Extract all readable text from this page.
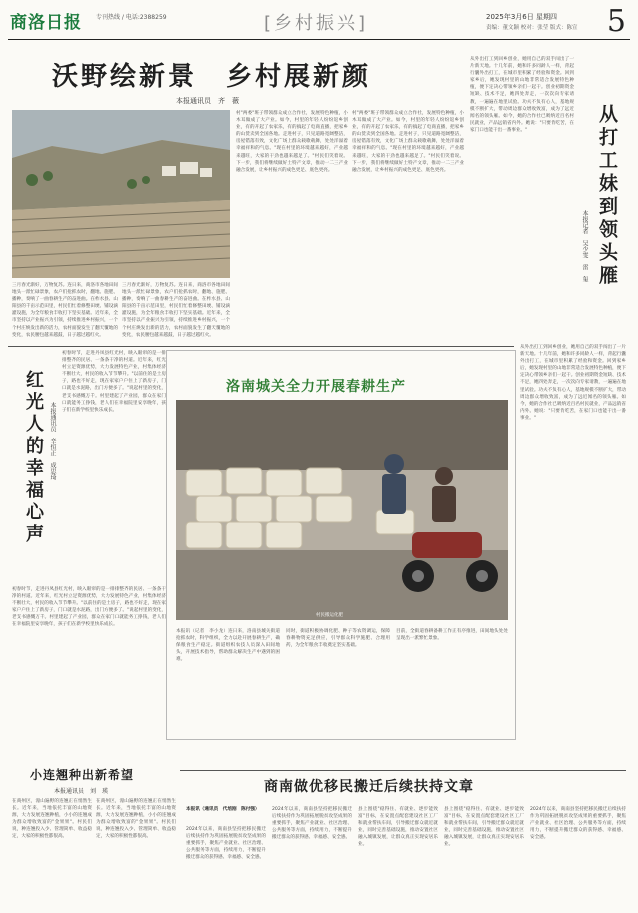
商洛日报 专刊热线 / 电话:2388259	[乡村振兴]	2025年3月6日 星期四
责编：董文颖 校对：张莹 版式：陈宣 5
沃野绘新景　乡村展新颜
本报通讯员　齐　薇
三月春光渐好，万物复苏。连日来，商洛市各地田间地头一派忙碌景象，农户们抢抓农时，翻地、施肥、播种，奏响了一曲春耕生产的奋进曲。在柞水县、山阳县的千亩示范田里，村民们忙着修整田埂、铺设滴灌设施，为全年粮食丰收打下坚实基础。近年来，全市坚持以产业振兴为引领，持续推进乡村振兴，一个个村庄焕发出新的活力，农村面貌发生了翻天覆地的变化，农民腰包越来越鼓，日子越过越红火。
三月春光渐好，万物复苏。连日来，商洛市各地田间地头一派忙碌景象，农户们抢抓农时，翻地、施肥、播种，奏响了一曲春耕生产的奋进曲。在柞水县、山阳县的千亩示范田里，村民们忙着修整田埂、铺设滴灌设施，为全年粮食丰收打下坚实基础。近年来，全市坚持以产业振兴为引领，持续推进乡村振兴，一个个村庄焕发出新的活力，农村面貌发生了翻天覆地的变化，农民腰包越来越鼓，日子越过越红火。
村"两委"班子带领群众成立合作社，发展特色种植，小木耳做成了大产业。如今，村里的年轻人纷纷返乡创业，有的开起了农家乐，有的搞起了电商直播，把家乡的山货卖到全国各地。走进村子，只见道路宽阔整洁，房屋错落有致，文化广场上群众载歌载舞，处处洋溢着幸福祥和的气息。"现在村里的环境越来越好，产业越来越旺，大家的干劲也越来越足了。"村民们笑着说。下一步，我们将继续做好土特产文章，推动一二三产业融合发展，让乡村振兴的成色更足、底色更亮。
村"两委"班子带领群众成立合作社，发展特色种植，小木耳做成了大产业。如今，村里的年轻人纷纷返乡创业，有的开起了农家乐，有的搞起了电商直播，把家乡的山货卖到全国各地。走进村子，只见道路宽阔整洁，房屋错落有致，文化广场上群众载歌载舞，处处洋溢着幸福祥和的气息。"现在村里的环境越来越好，产业越来越旺，大家的干劲也越来越足了。"村民们笑着说。下一步，我们将继续做好土特产文章，推动一二三产业融合发展，让乡村振兴的成色更足、底色更亮。	从打工妹到领头雁
本报记者　吴少雯　雷　玺
从外出打工到回乡创业，她用自己的双手闯出了一片新天地。十几年前，她和许多同龄人一样，背起行囊外出打工，在城市里积累了经验和资金。回到家乡后，她发现村里的山地非常适合发展特色种植，便下定决心带领乡亲们一起干。创业初期资金短缺、技术不足，她四处奔走，一次次向专家请教，一遍遍在地里试验。功夫不负有心人，基地规模不断扩大，带动周边群众增收致富，成为了远近闻名的领头雁。如今，她的合作社已吸纳近百名村民就业，产品远销省内外。她说："只要肯吃苦，在家门口也能干出一番事业。"
从外出打工到回乡创业，她用自己的双手闯出了一片新天地。十几年前，她和许多同龄人一样，背起行囊外出打工，在城市里积累了经验和资金。回到家乡后，她发现村里的山地非常适合发展特色种植，便下定决心带领乡亲们一起干。创业初期资金短缺、技术不足，她四处奔走，一次次向专家请教，一遍遍在地里试验。功夫不负有心人，基地规模不断扩大，带动周边群众增收致富，成为了远近闻名的领头雁。如今，她的合作社已吸纳近百名村民就业，产品远销省内外。她说："只要肯吃苦，在家门口也能干出一番事业。"
红光人的幸福心声 本报通讯员　辛恒正　成思琦
初春时节，走进丹凤县红光村，映入眼帘的是一排排整齐的民居、一条条干净的村道。近年来，红光村立足资源优势，大力发展特色产业，村集体经济不断壮大，村民的收入节节攀升。"以前住的是土房子，路也不好走，现在家家户户住上了新房子，门口就是水泥路，出门方便多了。"说起村里的变化，老支书感慨万千。村里建起了产业园，群众在家门口就能务工挣钱，老人们在幸福院里安享晚年，孩子们在新学校里快乐成长。
初春时节，走进丹凤县红光村，映入眼帘的是一排排整齐的民居、一条条干净的村道。近年来，红光村立足资源优势，大力发展特色产业，村集体经济不断壮大，村民的收入节节攀升。"以前住的是土房子，路也不好走，现在家家户户住上了新房子，门口就是水泥路，出门方便多了。"说起村里的变化，老支书感慨万千。村里建起了产业园，群众在家门口就能务工挣钱，老人们在幸福院里安享晚年，孩子们在新学校里快乐成长。
洛南城关全力开展春耕生产
村民搬运化肥
本报讯（记者　李小龙）连日来，洛南县城关街道抢抓农时，科学组织，全力以赴开展春耕生产，确保粮食生产稳定。街道组织农技人员深入田间地头，开展技术指导，帮助群众解决生产中遇到的困难。
同时，街道积极协调化肥、种子等农资调运，保障春耕物资充足供应，引导群众科学施肥、合理用药，为全年粮食丰收奠定坚实基础。
目前，全街道春耕备耕工作正有序推进，田间地头处处呈现出一派繁忙景象。
小连翘种出新希望
本报通讯员　刘　瑛
在商州区，漫山遍野的连翘正在悄然生长。近年来，当地依托丰富的山地资源，大力发展连翘种植，小小的连翘成为群众增收致富的"金果果"。村民们说，种连翘投入少、管理简单、收益稳定，大家的积极性都很高。
在商州区，漫山遍野的连翘正在悄然生长。近年来，当地依托丰富的山地资源，大力发展连翘种植，小小的连翘成为群众增收致富的"金果果"。村民们说，种连翘投入少、管理简单、收益稳定，大家的积极性都很高。
商南做优移民搬迁后续扶持文章
本报讯（通讯员　代培刚　陈付强）
2024年以来，商南县坚持把移民搬迁后续扶持作为巩固拓展脱贫攻坚成果的重要抓手，聚焦产业就业、社区治理、公共服务等方面，持续用力，不断提升搬迁群众的获得感、幸福感、安全感。
2024年以来，商南县坚持把移民搬迁后续扶持作为巩固拓展脱贫攻坚成果的重要抓手，聚焦产业就业、社区治理、公共服务等方面，持续用力，不断提升搬迁群众的获得感、幸福感、安全感。
县上围绕"稳得住、有就业、逐步能致富"目标，在安置点配套建设社区工厂和就业帮扶车间，引导搬迁群众就近就业，同时完善基础设施，推动安置社区融入城镇发展，让群众真正实现安居乐业。
县上围绕"稳得住、有就业、逐步能致富"目标，在安置点配套建设社区工厂和就业帮扶车间，引导搬迁群众就近就业，同时完善基础设施，推动安置社区融入城镇发展，让群众真正实现安居乐业。
2024年以来，商南县坚持把移民搬迁后续扶持作为巩固拓展脱贫攻坚成果的重要抓手，聚焦产业就业、社区治理、公共服务等方面，持续用力，不断提升搬迁群众的获得感、幸福感、安全感。
